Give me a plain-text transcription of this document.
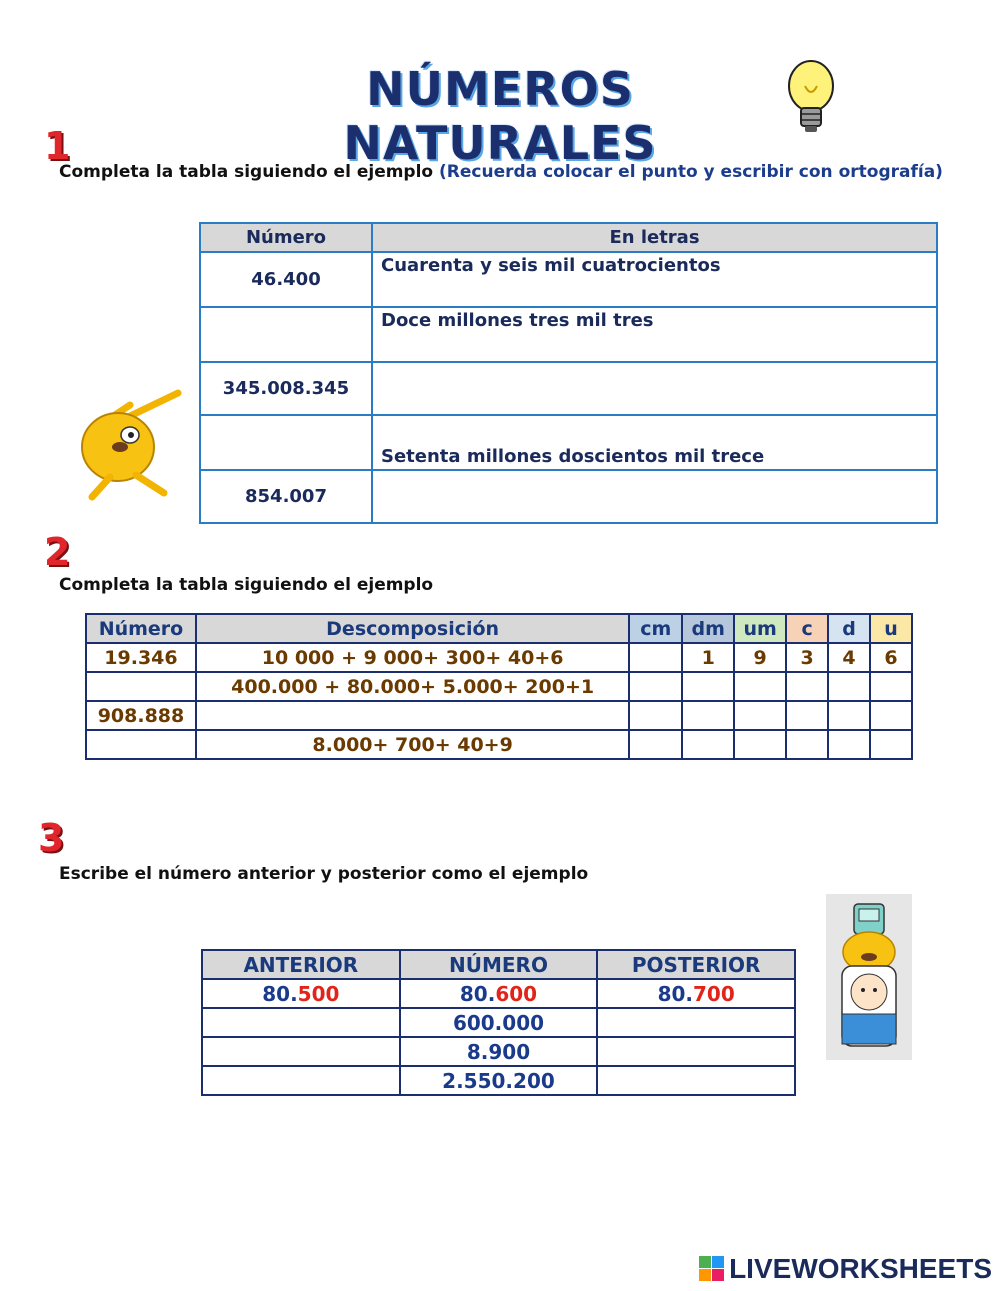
NÚMEROS NATURALES
1
Completa la tabla siguiendo el ejemplo (Recuerda colocar el punto y escribir con ortografía)
Número	En letras
46.400	Cuarenta y seis mil cuatrocientos
	Doce millones tres mil tres
345.008.345	
	Setenta millones doscientos mil trece
854.007	
2
Completa la tabla siguiendo el ejemplo
Número	Descomposición	cm	dm	um	c	d	u
19.346	10 000 + 9 000+ 300+ 40+6		1	9	3	4	6
	400.000 + 80.000+ 5.000+ 200+1						
908.888							
	8.000+ 700+ 40+9						
3
Escribe el número anterior y posterior como el ejemplo
ANTERIOR	NÚMERO	POSTERIOR
80.500	80.600	80.700
	600.000	
	8.900	
	2.550.200	
LIVEWORKSHEETS
